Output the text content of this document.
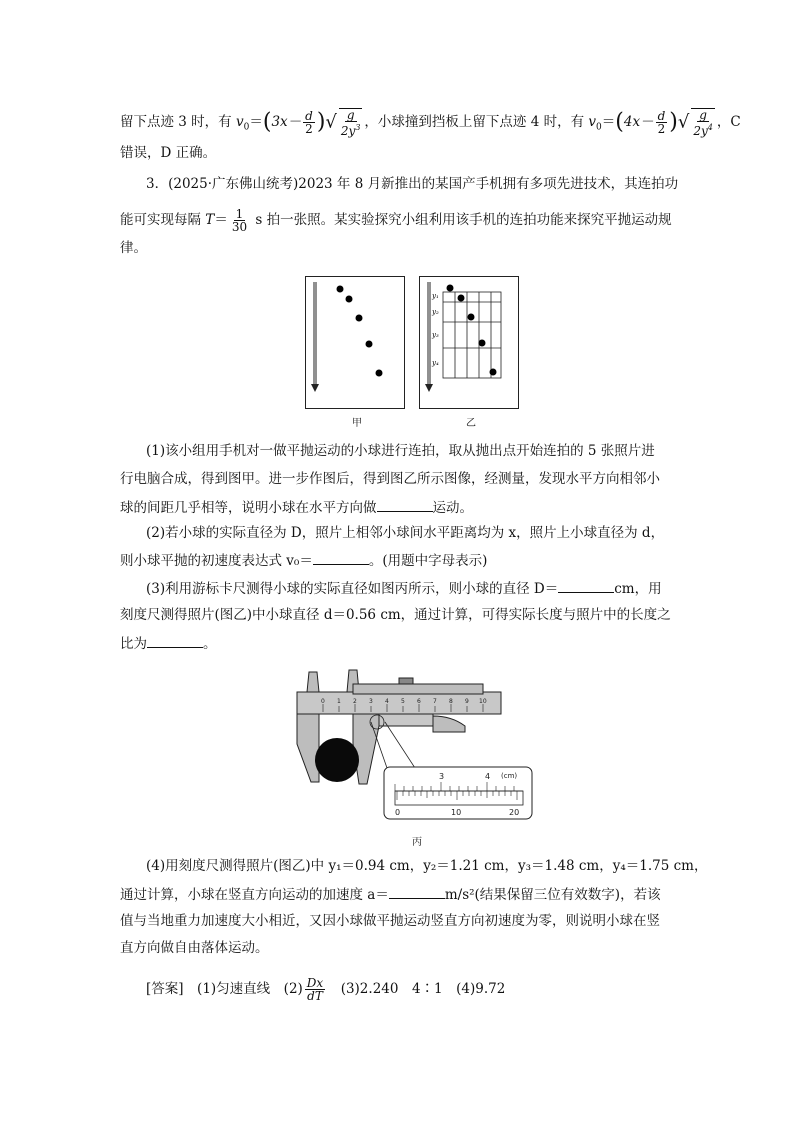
留下点迹 3 时，有 $v_0=(3x- \frac{d}{2}$ )√ $\frac{g}{2y^3}$ ，小球撞到挡板上留下点迹 4 时，有 $v_0=(4x- \frac{d}{2}$ )√ $\frac{g}{2y^4}$ ，C
错误，D 正确。
3．(2025·广东佛山统考)2023 年 8 月新推出的某国产手机拥有多项先进技术，其连拍功
能可实现每隔 $T= \frac{1}{30}$ s 拍一张照。某实验探究小组利用该手机的连拍功能来探究平抛运动规
律。
甲
y₁
y₂
y₃
y₄
乙
(1)该小组用手机对一做平抛运动的小球进行连拍，取从抛出点开始连拍的 5 张照片进
行电脑合成，得到图甲。进一步作图后，得到图乙所示图像，经测量，发现水平方向相邻小
球的间距几乎相等，说明小球在水平方向做	运动。
(2)若小球的实际直径为 D，照片上相邻小球间水平距离均为 x，照片上小球直径为 d，
则小球平抛的初速度表达式 v₀＝	。(用题中字母表示)
(3)利用游标卡尺测得小球的实际直径如图丙所示，则小球的直径 D＝	cm，用
刻度尺测得照片(图乙)中小球直径 d＝0.56 cm，通过计算，可得实际长度与照片中的长度之
比为	。
0 1 2 3 4 5 6 7 8 9 10
3	4 (cm)
0	10	20
丙
(4)用刻度尺测得照片(图乙)中 y₁＝0.94 cm，y₂＝1.21 cm，y₃＝1.48 cm，y₄＝1.75 cm，
通过计算，小球在竖直方向运动的加速度 a＝	m/s²(结果保留三位有效数字)，若该
值与当地重力加速度大小相近，又因小球做平抛运动竖直方向初速度为零，则说明小球在竖
直方向做自由落体运动。
[答案]　 (1)匀速直线　 $(2) \frac{Dx}{dT}$
　 (3)2.240　4∶1　 (4)9.72
